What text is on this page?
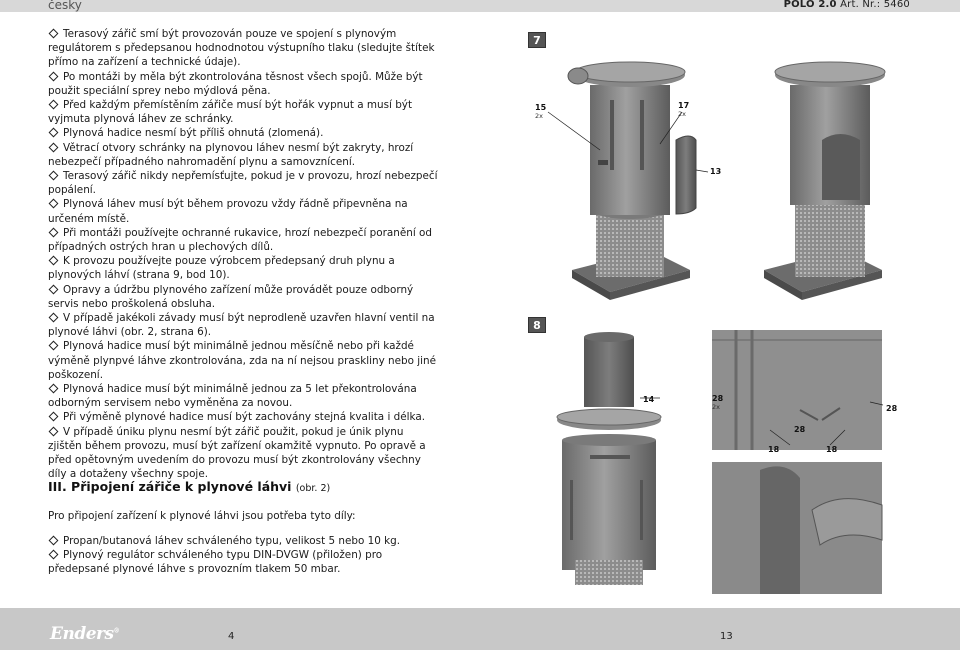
česky	POLO 2.0 Art. Nr.: 5460
Terasový zářič smí být provozován pouze ve spojení s plynovým regulátorem s předepsanou hodnodnotou výstupního tlaku (sledujte štítek přímo na zařízení a technické údaje).
Po montáži by měla být zkontrolována těsnost všech spojů. Může být použit speciální sprey nebo mýdlová pěna.
Před každým přemístěním zářiče musí být hořák vypnut a musí být vyjmuta plynová láhev ze schránky.
Plynová hadice nesmí být příliš ohnutá (zlomená).
Větrací otvory schránky na plynovou láhev nesmí být zakryty, hrozí nebezpečí případného nahromadění plynu a samovznícení.
Terasový zářič nikdy nepřemísťujte, pokud je v provozu, hrozí nebezpečí popálení.
Plynová láhev musí být během provozu vždy řádně připevněna na určeném místě.
Při montáži používejte ochranné rukavice, hrozí nebezpečí poranění od případných ostrých hran u plechových dílů.
K provozu používejte pouze výrobcem předepsaný druh plynu a plynových láhví (strana 9, bod 10).
Opravy a údržbu plynového zařízení může provádět pouze odborný servis nebo proškolená obsluha.
V případě jakékoli závady musí být neprodleně uzavřen hlavní ventil na plynové láhvi (obr. 2, strana 6).
Plynová hadice musí být minimálně jednou měsíčně nebo při každé výměně plynpvé láhve zkontrolována, zda na ní nejsou praskliny nebo jiné poškození.
Plynová hadice musí být minimálně jednou za 5 let překontrolována odborným servisem nebo vyměněna za novou.
Při výměně plynové hadice musí být zachovány stejná kvalita i délka.
V případě úniku plynu nesmí být zářič použit, pokud je únik plynu zjištěn během provozu, musí být zařízení okamžitě vypnuto. Po opravě a před opětovným uvedením do provozu musí být zkontrolovány všechny díly a dotaženy všechny spoje.
III. Připojení zářiče k plynové láhvi (obr. 2)
Pro připojení zařízení k plynové láhvi jsou potřeba tyto díly:
Propan/butanová láhev schváleného typu, velikost 5 nebo 10 kg.
Plynový regulátor schváleného typu DIN-DVGW (přiložen) pro předepsané plynové láhve s provozním tlakem 50 mbar.
7
8
15
2x
17
2x
13
14	28
2x
28
28
18	18
Enders®
4	13
